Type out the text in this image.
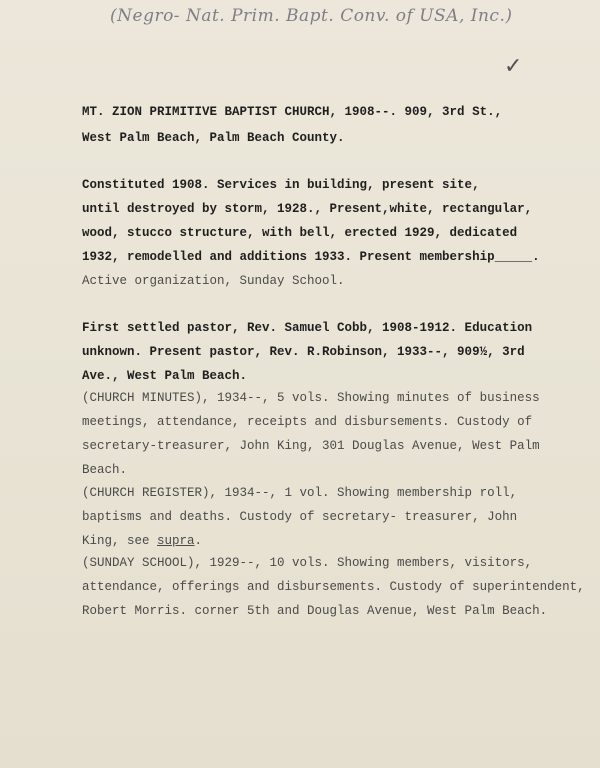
(Negro- Nat. Prim. Bapt. Conv. of USA, Inc.)
✓
MT. ZION PRIMITIVE BAPTIST CHURCH, 1908--. 909, 3rd St.,
West Palm Beach, Palm Beach County.
Constituted 1908. Services in building, present site,
until destroyed by storm, 1928., Present,white, rectangular,
wood, stucco structure, with bell, erected 1929, dedicated
1932, remodelled and additions 1933. Present membership_____.
Active organization, Sunday School.
First settled pastor, Rev. Samuel Cobb, 1908-1912. Education
unknown. Present pastor, Rev. R.Robinson, 1933--, 909½, 3rd
Ave., West Palm Beach.
(CHURCH MINUTES), 1934--, 5 vols. Showing minutes of business
meetings, attendance, receipts and disbursements. Custody of
secretary-treasurer, John King, 301 Douglas Avenue, West Palm
Beach.
(CHURCH REGISTER), 1934--, 1 vol. Showing membership roll,
baptisms and deaths. Custody of secretary- treasurer, John
King, see supra.
(SUNDAY SCHOOL), 1929--, 10 vols. Showing members, visitors,
attendance, offerings and disbursements. Custody of superintendent,
Robert Morris. corner 5th and Douglas Avenue, West Palm Beach.
